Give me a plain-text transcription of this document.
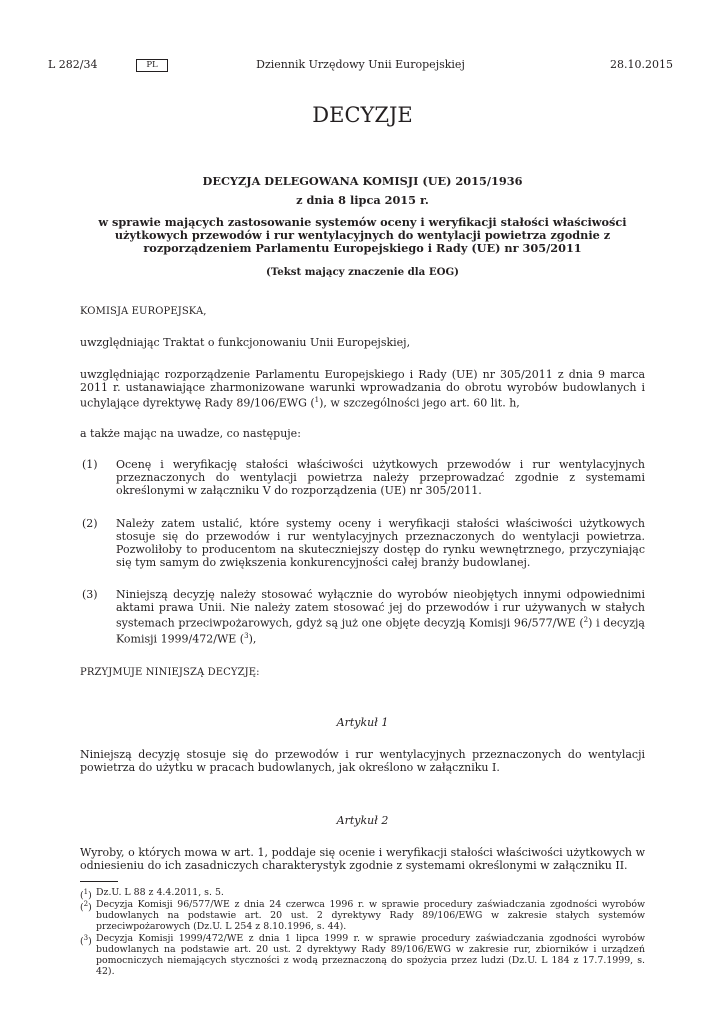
L 282/34	PL	Dziennik Urzędowy Unii Europejskiej	28.10.2015
DECYZJE
DECYZJA DELEGOWANA KOMISJI (UE) 2015/1936
z dnia 8 lipca 2015 r.
w sprawie mających zastosowanie systemów oceny i weryfikacji stałości właściwości użytkowych przewodów i rur wentylacyjnych do wentylacji powietrza zgodnie z rozporządzeniem Parlamentu Europejskiego i Rady (UE) nr 305/2011
(Tekst mający znaczenie dla EOG)
KOMISJA EUROPEJSKA,
uwzględniając Traktat o funkcjonowaniu Unii Europejskiej,
uwzględniając rozporządzenie Parlamentu Europejskiego i Rady (UE) nr 305/2011 z dnia 9 marca 2011 r. ustanawiające zharmonizowane warunki wprowadzania do obrotu wyrobów budowlanych i uchylające dyrektywę Rady 89/106/EWG ($^1$), w szczególności jego art. 60 lit. h,
a także mając na uwadze, co następuje:
(1) Ocenę i weryfikację stałości właściwości użytkowych przewodów i rur wentylacyjnych przeznaczonych do wentylacji powietrza należy przeprowadzać zgodnie z systemami określonymi w załączniku V do rozporządzenia (UE) nr 305/2011.
(2) Należy zatem ustalić, które systemy oceny i weryfikacji stałości właściwości użytkowych stosuje się do przewodów i rur wentylacyjnych przeznaczonych do wentylacji powietrza. Pozwoliłoby to producentom na skuteczniejszy dostęp do rynku wewnętrznego, przyczyniając się tym samym do zwiększenia konkurencyjności całej branży budowlanej.
(3) Niniejszą decyzję należy stosować wyłącznie do wyrobów nieobjętych innymi odpowiednimi aktami prawa Unii. Nie należy zatem stosować jej do przewodów i rur używanych w stałych systemach przeciwpożarowych, gdyż są już one objęte decyzją Komisji 96/577/WE ($^2$) i decyzją Komisji 1999/472/WE ($^3$),
PRZYJMUJE NINIEJSZĄ DECYZJĘ:
Artykuł 1
Niniejszą decyzję stosuje się do przewodów i rur wentylacyjnych przeznaczonych do wentylacji powietrza do użytku w pracach budowlanych, jak określono w załączniku I.
Artykuł 2
Wyroby, o których mowa w art. 1, poddaje się ocenie i weryfikacji stałości właściwości użytkowych w odniesieniu do ich zasadniczych charakterystyk zgodnie z systemami określonymi w załączniku II.
($^1$) Dz.U. L 88 z 4.4.2011, s. 5.
($^2$) Decyzja Komisji 96/577/WE z dnia 24 czerwca 1996 r. w sprawie procedury zaświadczania zgodności wyrobów budowlanych na podstawie art. 20 ust. 2 dyrektywy Rady 89/106/EWG w zakresie stałych systemów przeciwpożarowych (Dz.U. L 254 z 8.10.1996, s. 44).
($^3$) Decyzja Komisji 1999/472/WE z dnia 1 lipca 1999 r. w sprawie procedury zaświadczania zgodności wyrobów budowlanych na podstawie art. 20 ust. 2 dyrektywy Rady 89/106/EWG w zakresie rur, zbiorników i urządzeń pomocniczych niemających styczności z wodą przeznaczoną do spożycia przez ludzi (Dz.U. L 184 z 17.7.1999, s. 42).
